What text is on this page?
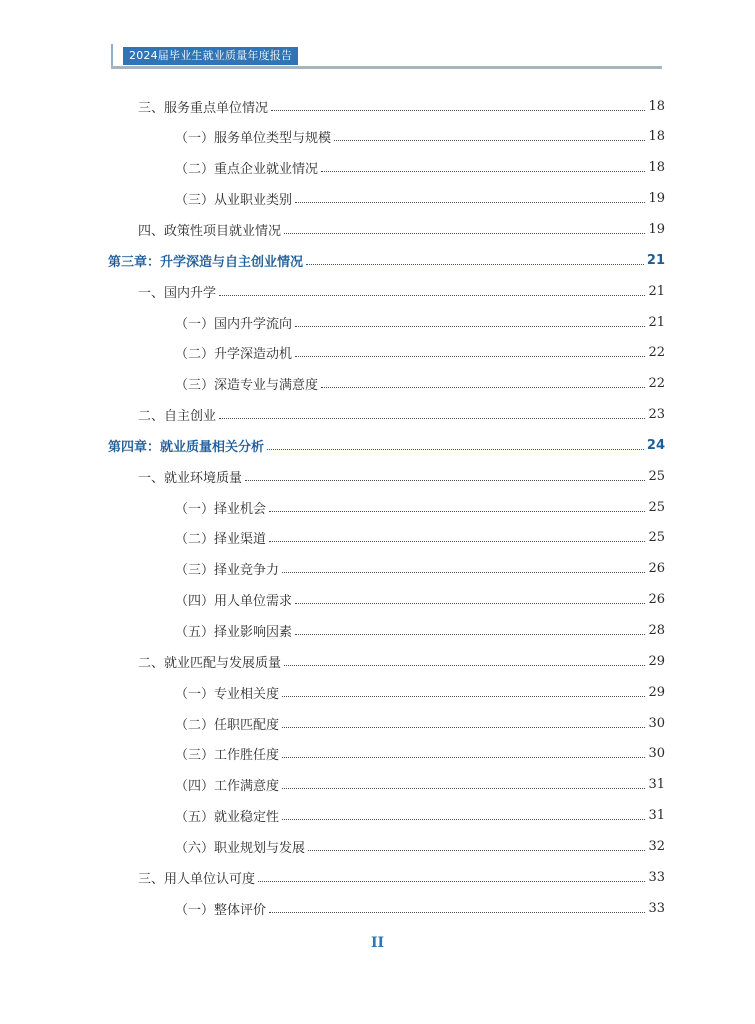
2024届毕业生就业质量年度报告
三、服务重点单位情况	18
（一）服务单位类型与规模	18
（二）重点企业就业情况	18
（三）从业职业类别	19
四、政策性项目就业情况	19
第三章：升学深造与自主创业情况	21
一、国内升学	21
（一）国内升学流向	21
（二）升学深造动机	22
（三）深造专业与满意度	22
二、自主创业	23
第四章：就业质量相关分析	24
一、就业环境质量	25
（一）择业机会	25
（二）择业渠道	25
（三）择业竞争力	26
（四）用人单位需求	26
（五）择业影响因素	28
二、就业匹配与发展质量	29
（一）专业相关度	29
（二）任职匹配度	30
（三）工作胜任度	30
（四）工作满意度	31
（五）就业稳定性	31
（六）职业规划与发展	32
三、用人单位认可度	33
（一）整体评价	33
II
